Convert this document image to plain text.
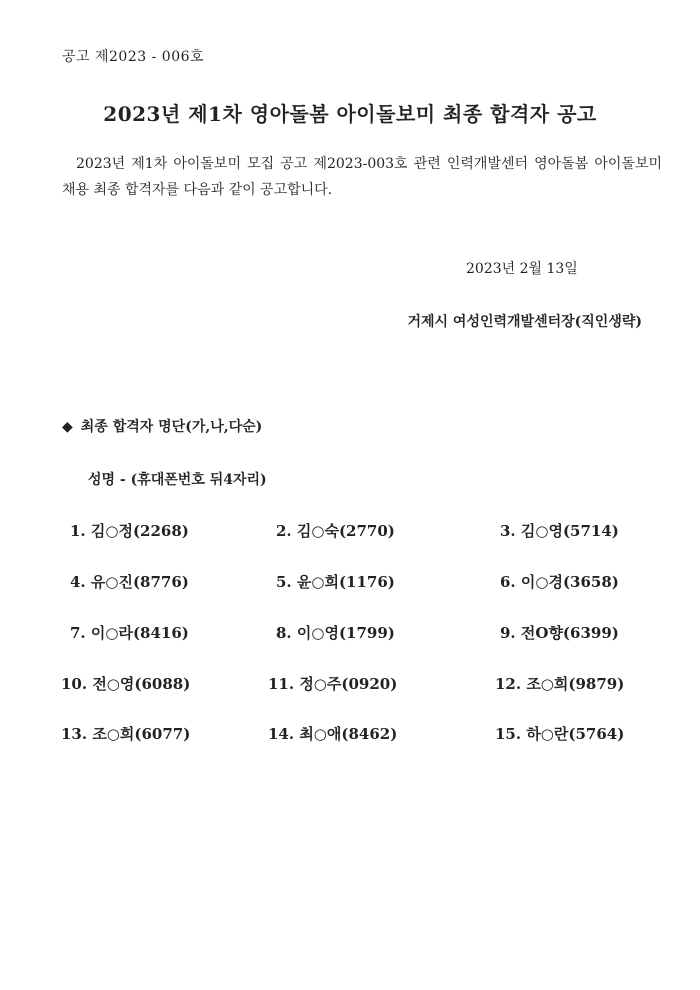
공고 제2023 - 006호
2023년 제1차 영아돌봄 아이돌보미 최종 합격자 공고
2023년 제1차 아이돌보미 모집 공고 제2023-003호 관련 인력개발센터 영아돌봄 아이돌보미 채용 최종 합격자를 다음과 같이 공고합니다.
2023년 2월 13일
거제시 여성인력개발센터장(직인생략)
◆ 최종 합격자 명단(가,나,다순)
성명 - (휴대폰번호 뒤4자리)
1. 김○정(2268)	2. 김○숙(2770)	3. 김○영(5714)
4. 유○진(8776)	5. 윤○희(1176)	6. 이○경(3658)
7. 이○라(8416)	8. 이○영(1799)	9. 전O향(6399)
10. 전○영(6088)	11. 정○주(0920)	12. 조○희(9879)
13. 조○희(6077)	14. 최○애(8462)	15. 하○란(5764)
